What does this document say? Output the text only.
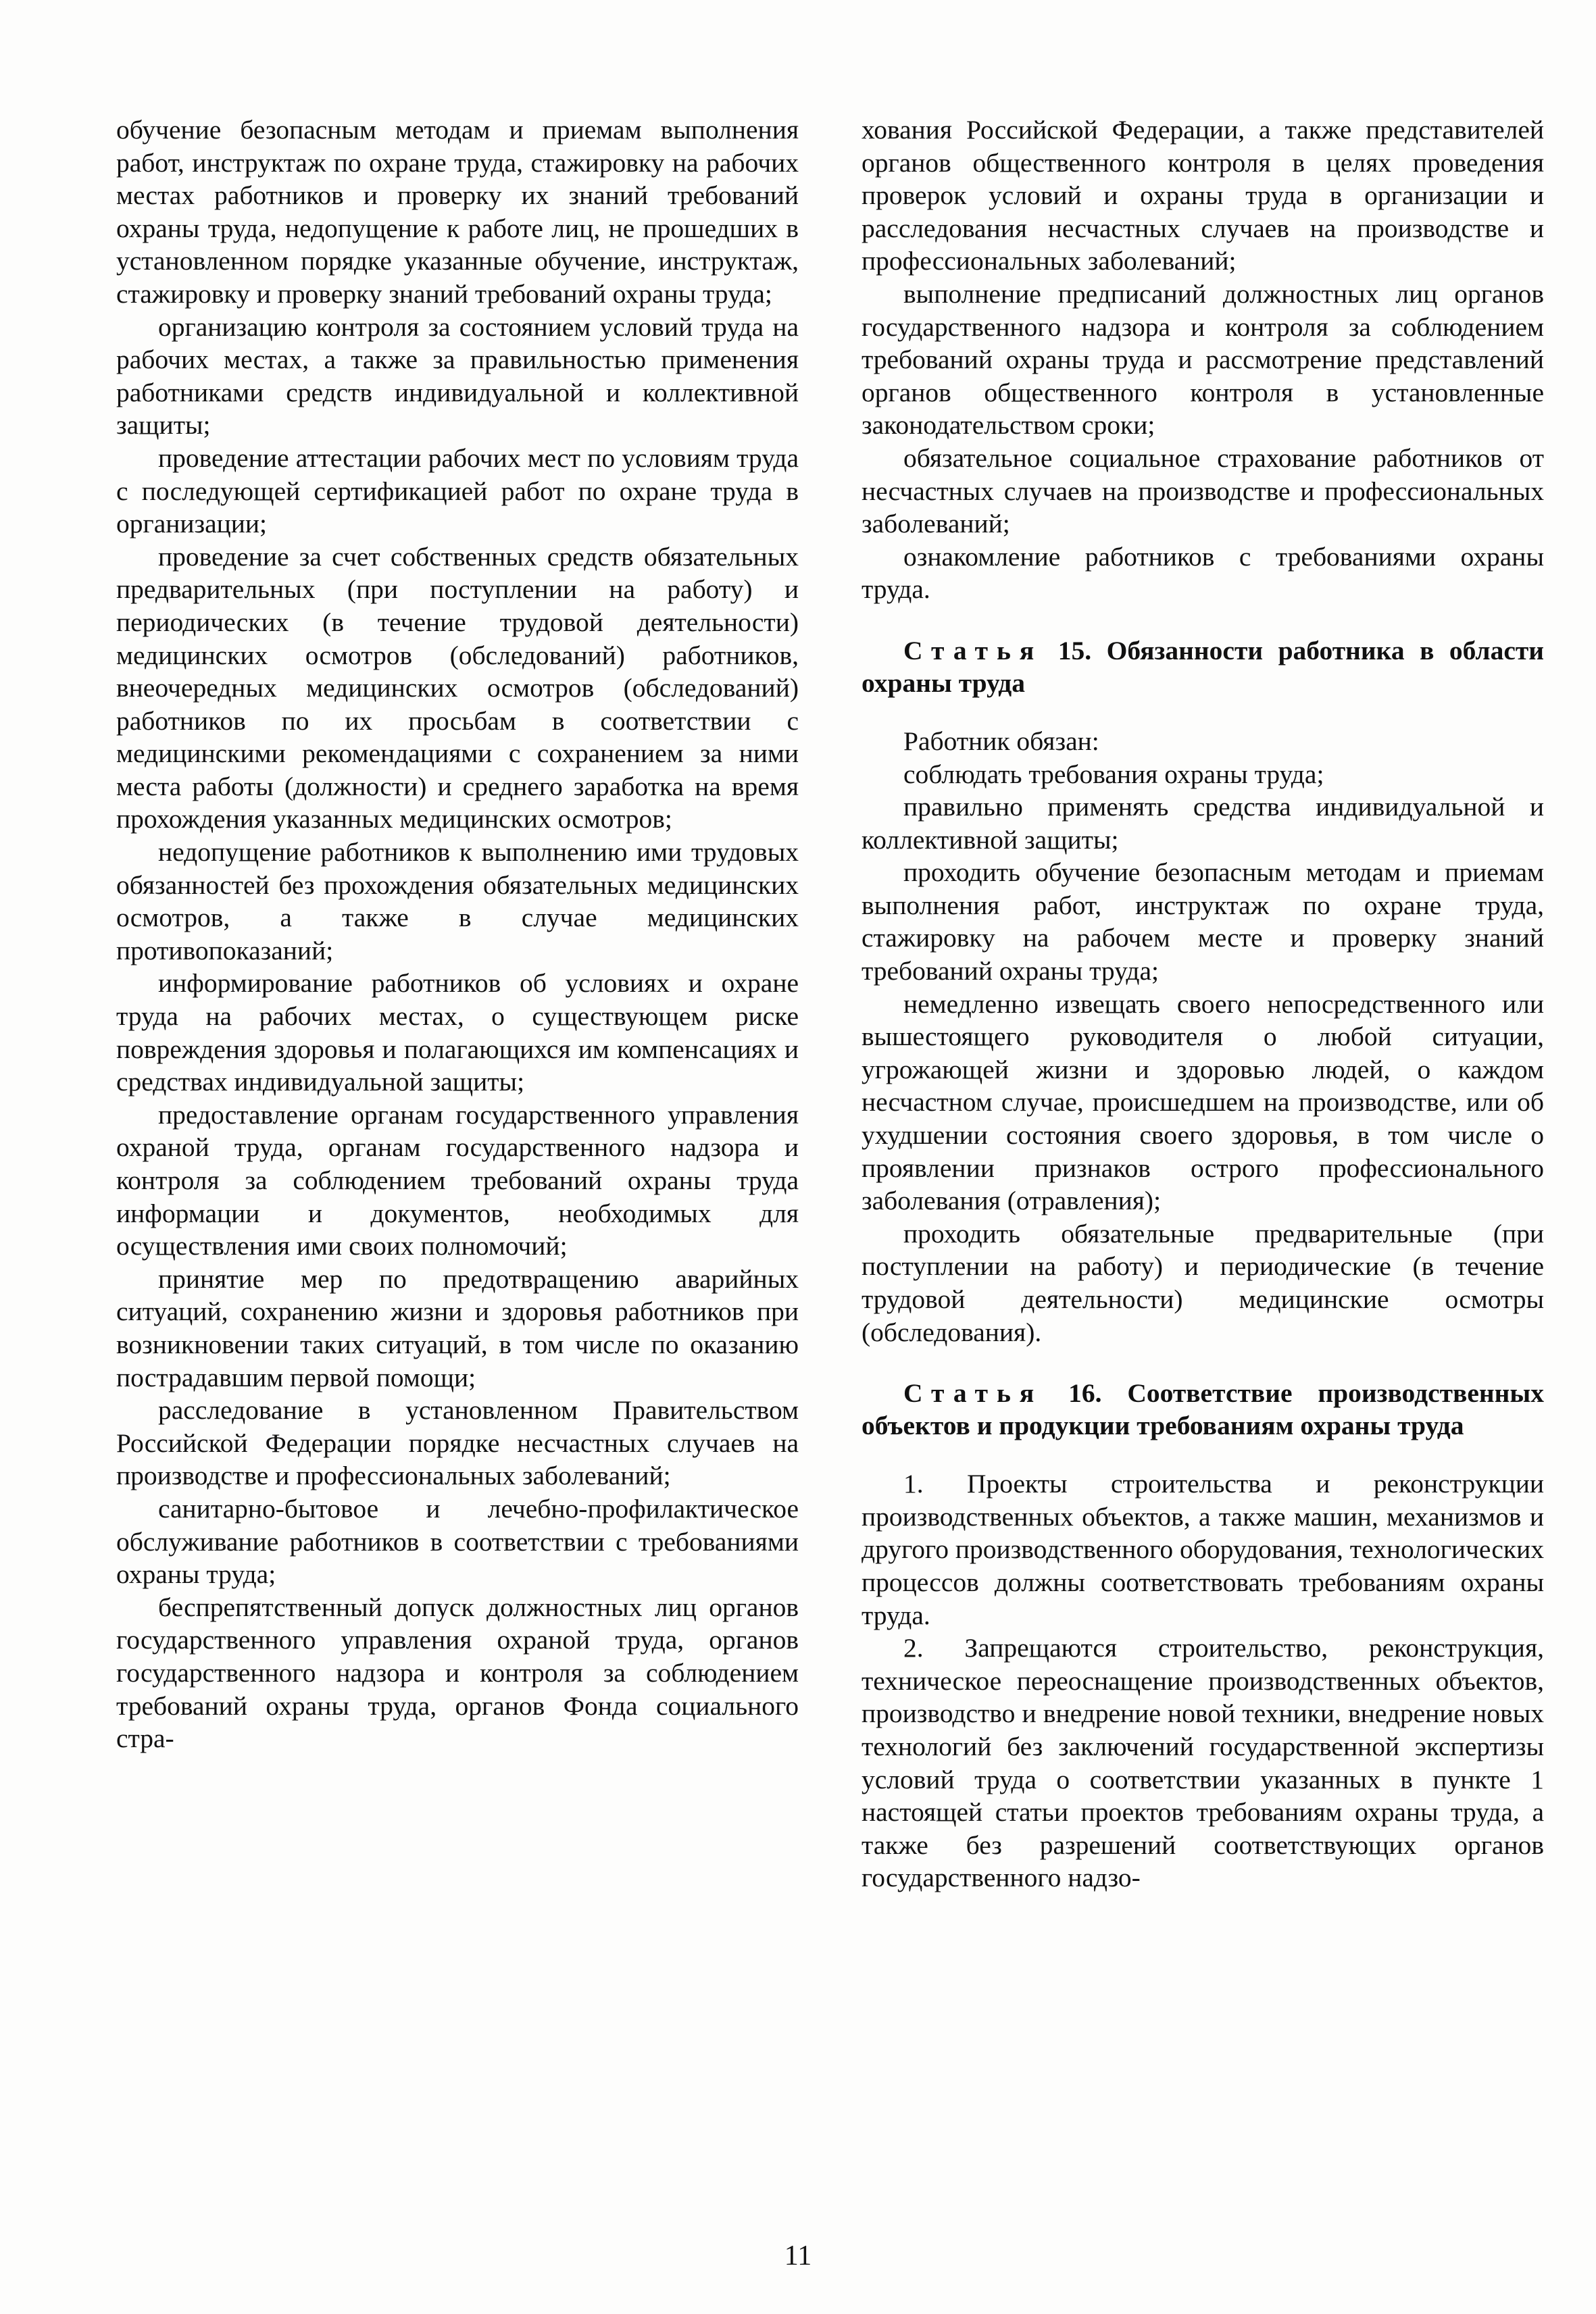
обучение безопасным методам и приемам выполнения работ, инструктаж по охране труда, стажировку на рабочих местах работников и проверку их знаний требований охраны труда, недопущение к работе лиц, не прошедших в установленном порядке указанные обучение, инструктаж, стажировку и проверку знаний требований охраны труда;

организацию контроля за состоянием условий труда на рабочих местах, а также за правильностью применения работниками средств индивидуальной и коллективной защиты;

проведение аттестации рабочих мест по условиям труда с последующей сертификацией работ по охране труда в организации;

проведение за счет собственных средств обязательных предварительных (при поступлении на работу) и периодических (в течение трудовой деятельности) медицинских осмотров (обследований) работников, внеочередных медицинских осмотров (обследований) работников по их просьбам в соответствии с медицинскими рекомендациями с сохранением за ними места работы (должности) и среднего заработка на время прохождения указанных медицинских осмотров;

недопущение работников к выполнению ими трудовых обязанностей без прохождения обязательных медицинских осмотров, а также в случае медицинских противопоказаний;

информирование работников об условиях и охране труда на рабочих местах, о существующем риске повреждения здоровья и полагающихся им компенсациях и средствах индивидуальной защиты;

предоставление органам государственного управления охраной труда, органам государственного надзора и контроля за соблюдением требований охраны труда информации и документов, необходимых для осуществления ими своих полномочий;

принятие мер по предотвращению аварийных ситуаций, сохранению жизни и здоровья работников при возникновении таких ситуаций, в том числе по оказанию пострадавшим первой помощи;

расследование в установленном Правительством Российской Федерации порядке несчастных случаев на производстве и профессиональных заболеваний;

санитарно-бытовое и лечебно-профилактическое обслуживание работников в соответствии с требованиями охраны труда;

беспрепятственный допуск должностных лиц органов государственного управления охраной труда, органов государственного надзора и контроля за соблюдением требований охраны труда, органов Фонда социального стра-

хования Российской Федерации, а также представителей органов общественного контроля в целях проведения проверок условий и охраны труда в организации и расследования несчастных случаев на производстве и профессиональных заболеваний;

выполнение предписаний должностных лиц органов государственного надзора и контроля за соблюдением требований охраны труда и рассмотрение представлений органов общественного контроля в установленные законодательством сроки;

обязательное социальное страхование работников от несчастных случаев на производстве и профессиональных заболеваний;

ознакомление работников с требованиями охраны труда.

Статья 15. Обязанности работника в области охраны труда

Работник обязан:

соблюдать требования охраны труда;

правильно применять средства индивидуальной и коллективной защиты;

проходить обучение безопасным методам и приемам выполнения работ, инструктаж по охране труда, стажировку на рабочем месте и проверку знаний требований охраны труда;

немедленно извещать своего непосредственного или вышестоящего руководителя о любой ситуации, угрожающей жизни и здоровью людей, о каждом несчастном случае, происшедшем на производстве, или об ухудшении состояния своего здоровья, в том числе о проявлении признаков острого профессионального заболевания (отравления);

проходить обязательные предварительные (при поступлении на работу) и периодические (в течение трудовой деятельности) медицинские осмотры (обследования).

Статья 16. Соответствие производственных объектов и продукции требованиям охраны труда

1. Проекты строительства и реконструкции производственных объектов, а также машин, механизмов и другого производственного оборудования, технологических процессов должны соответствовать требованиям охраны труда.

2. Запрещаются строительство, реконструкция, техническое переоснащение производственных объектов, производство и внедрение новой техники, внедрение новых технологий без заключений государственной экспертизы условий труда о соответствии указанных в пункте 1 настоящей статьи проектов требованиям охраны труда, а также без разрешений соответствующих органов государственного надзо-

11
